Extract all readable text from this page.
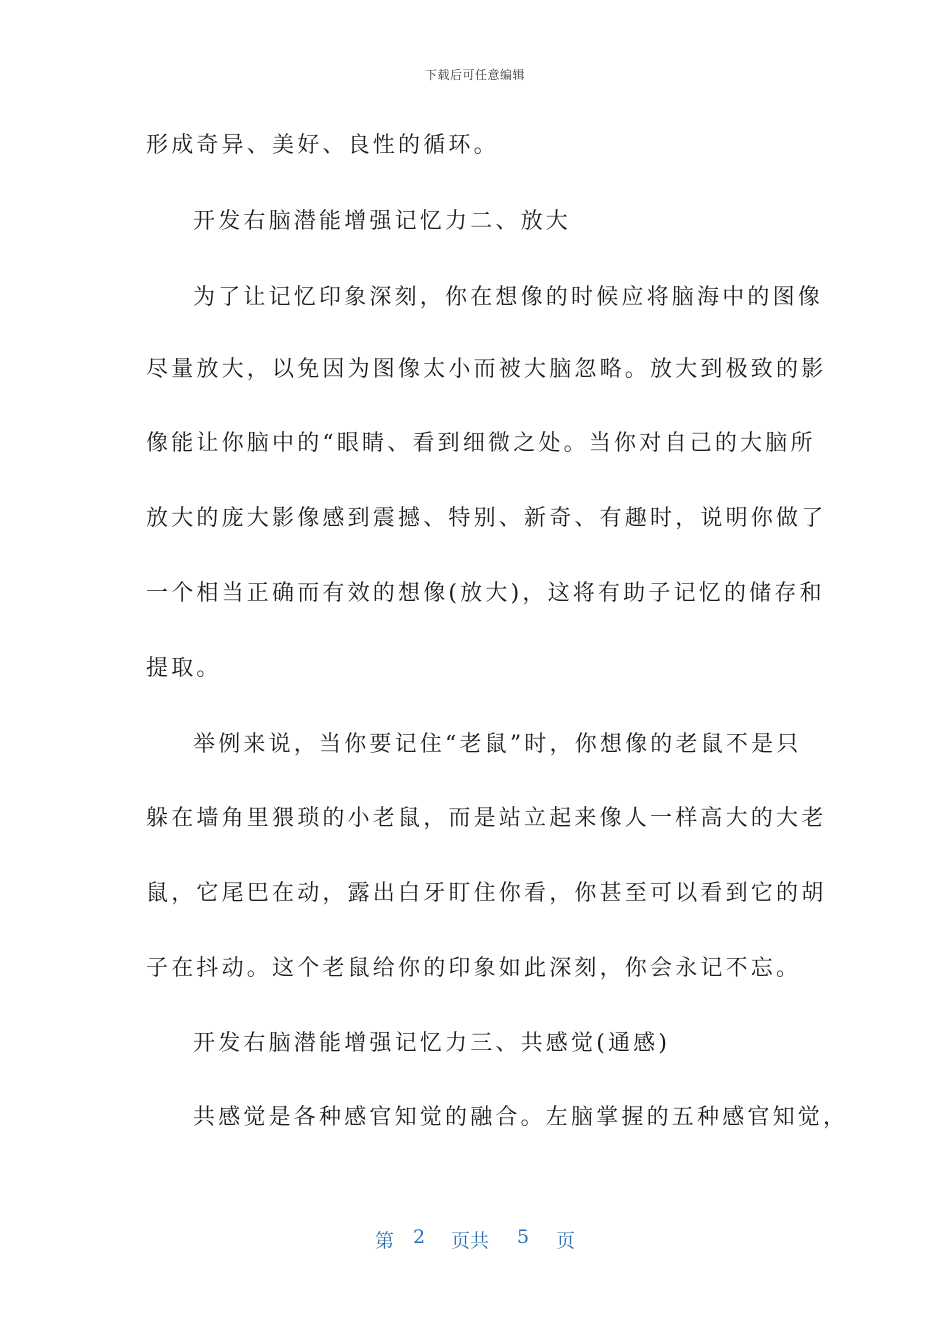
下载后可任意编辑
形成奇异、美好、良性的循环。
开发右脑潜能增强记忆力二、放大
为了让记忆印象深刻，你在想像的时候应将脑海中的图像
尽量放大，以免因为图像太小而被大脑忽略。放大到极致的影
像能让你脑中的“眼睛、看到细微之处。当你对自己的大脑所
放大的庞大影像感到震撼、特别、新奇、有趣时，说明你做了
一个相当正确而有效的想像(放大)，这将有助子记忆的储存和
提取。
举例来说，当你要记住“老鼠”时，你想像的老鼠不是只
躲在墙角里猥琐的小老鼠，而是站立起来像人一样高大的大老
鼠，它尾巴在动，露出白牙盯住你看，你甚至可以看到它的胡
子在抖动。这个老鼠给你的印象如此深刻，你会永记不忘。
开发右脑潜能增强记忆力三、共感觉(通感)
共感觉是各种感官知觉的融合。左脑掌握的五种感官知觉，
第 2 页共 5 页
